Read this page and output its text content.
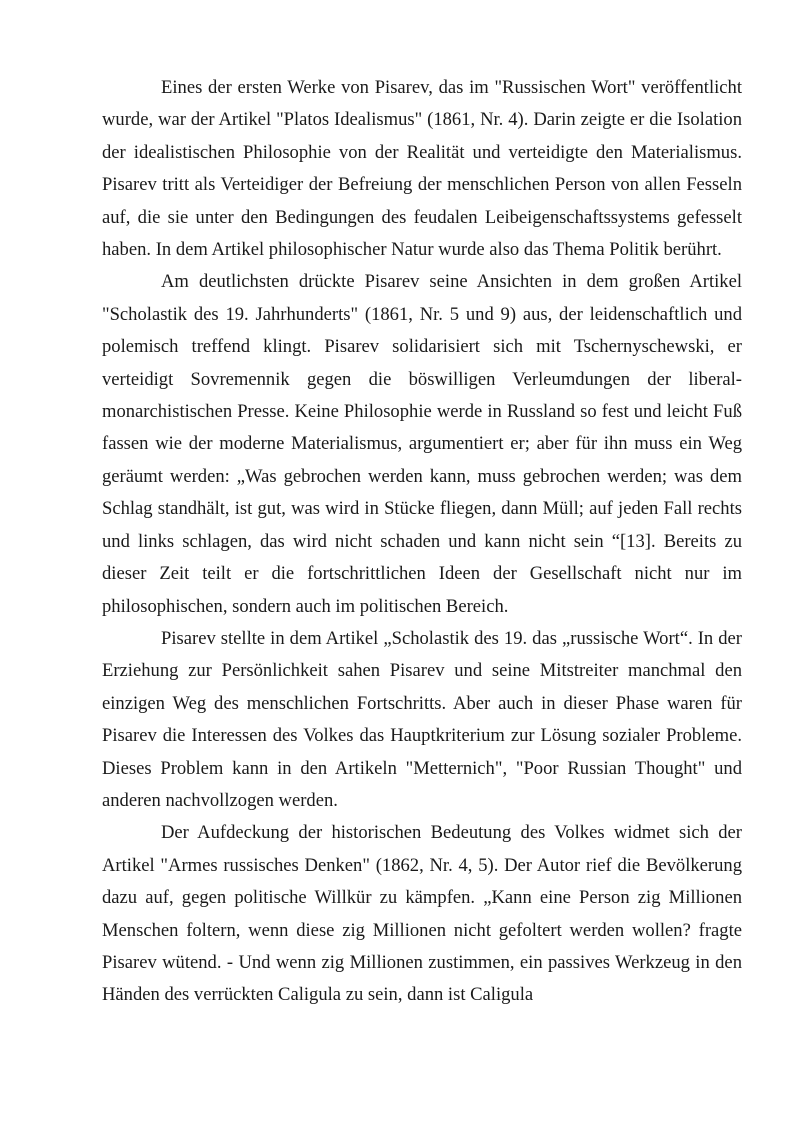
Eines der ersten Werke von Pisarev, das im "Russischen Wort" veröffentlicht wurde, war der Artikel "Platos Idealismus" (1861, Nr. 4). Darin zeigte er die Isolation der idealistischen Philosophie von der Realität und verteidigte den Materialismus. Pisarev tritt als Verteidiger der Befreiung der menschlichen Person von allen Fesseln auf, die sie unter den Bedingungen des feudalen Leibeigenschaftssystems gefesselt haben. In dem Artikel philosophischer Natur wurde also das Thema Politik berührt.

Am deutlichsten drückte Pisarev seine Ansichten in dem großen Artikel "Scholastik des 19. Jahrhunderts" (1861, Nr. 5 und 9) aus, der leidenschaftlich und polemisch treffend klingt. Pisarev solidarisiert sich mit Tschernyschewski, er verteidigt Sovremennik gegen die böswilligen Verleumdungen der liberal-monarchistischen Presse. Keine Philosophie werde in Russland so fest und leicht Fuß fassen wie der moderne Materialismus, argumentiert er; aber für ihn muss ein Weg geräumt werden: „Was gebrochen werden kann, muss gebrochen werden; was dem Schlag standhält, ist gut, was wird in Stücke fliegen, dann Müll; auf jeden Fall rechts und links schlagen, das wird nicht schaden und kann nicht sein “[13]. Bereits zu dieser Zeit teilt er die fortschrittlichen Ideen der Gesellschaft nicht nur im philosophischen, sondern auch im politischen Bereich.

Pisarev stellte in dem Artikel „Scholastik des 19. das „russische Wort“. In der Erziehung zur Persönlichkeit sahen Pisarev und seine Mitstreiter manchmal den einzigen Weg des menschlichen Fortschritts. Aber auch in dieser Phase waren für Pisarev die Interessen des Volkes das Hauptkriterium zur Lösung sozialer Probleme. Dieses Problem kann in den Artikeln "Metternich", "Poor Russian Thought" und anderen nachvollzogen werden.

Der Aufdeckung der historischen Bedeutung des Volkes widmet sich der Artikel "Armes russisches Denken" (1862, Nr. 4, 5). Der Autor rief die Bevölkerung dazu auf, gegen politische Willkür zu kämpfen. „Kann eine Person zig Millionen Menschen foltern, wenn diese zig Millionen nicht gefoltert werden wollen? fragte Pisarev wütend. - Und wenn zig Millionen zustimmen, ein passives Werkzeug in den Händen des verrückten Caligula zu sein, dann ist Caligula
